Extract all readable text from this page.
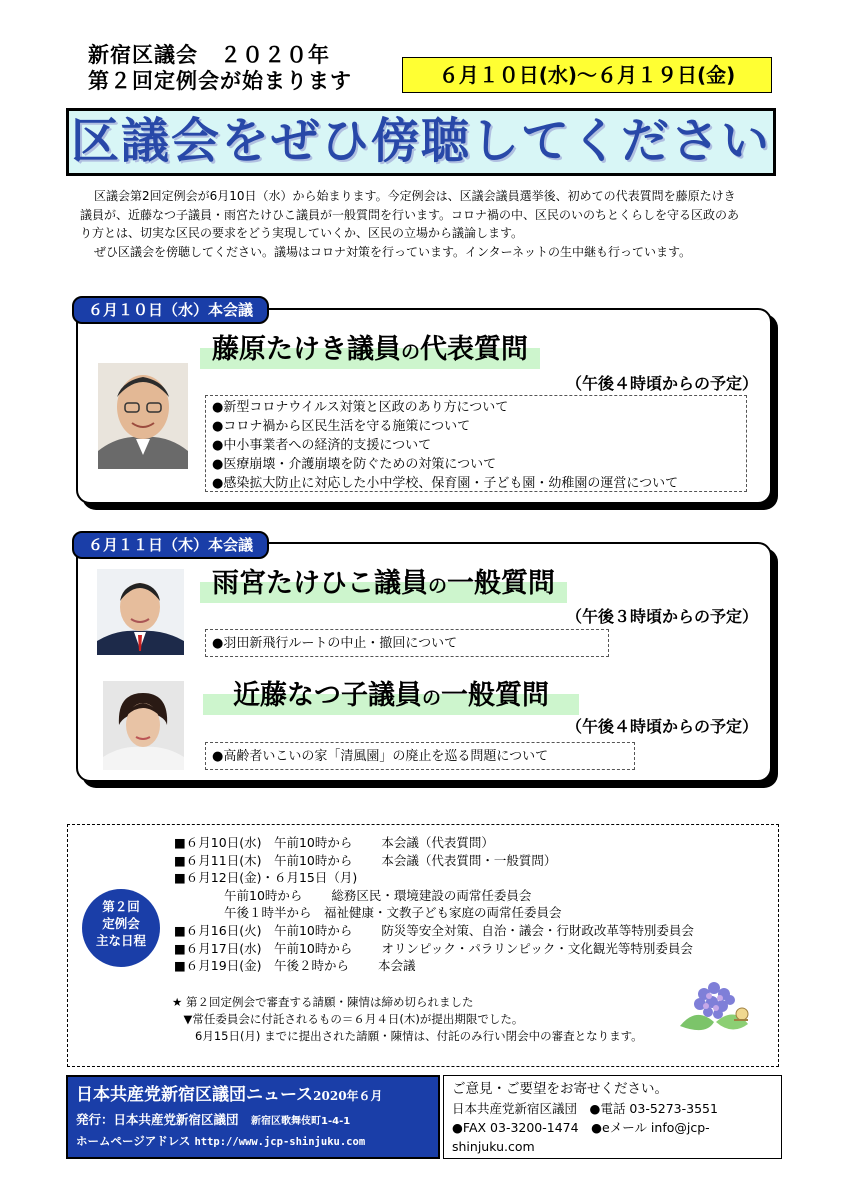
新宿区議会　２０２０年
第２回定例会が始まります	６月１０日(水)～６月１９日(金)
区議会をぜひ傍聴してください

区議会第2回定例会が6月10日（水）から始まります。今定例会は、区議会議員選挙後、初めての代表質問を藤原たけき

議員が、近藤なつ子議員・雨宮たけひこ議員が一般質問を行います。コロナ禍の中、区民のいのちとくらしを守る区政のあ

り方とは、切実な区民の要求をどう実現していくか、区民の立場から議論します。

ぜひ区議会を傍聴してください。議場はコロナ対策を行っています。インターネットの生中継も行っています。

６月１０日（水）本会議
藤原たけき議員の代表質問
（午後４時頃からの予定）
●新型コロナウイルス対策と区政のあり方について
●コロナ禍から区民生活を守る施策について
●中小事業者への経済的支援について
●医療崩壊・介護崩壊を防ぐための対策について
●感染拡大防止に対応した小中学校、保育園・子ども園・幼稚園の運営について
６月１１日（木）本会議
雨宮たけひこ議員の一般質問
（午後３時頃からの予定）
●羽田新飛行ルートの中止・撤回について
近藤なつ子議員の一般質問
（午後４時頃からの予定）
●高齢者いこいの家「清風園」の廃止を巡る問題について
第２回
定例会
主な日程
■６月10日(水)　午前10時から　　 本会議（代表質問）
■６月11日(木)　午前10時から　　 本会議（代表質問・一般質問）
■６月12日(金)・６月15日（月)
　　　　午前10時から　　 総務区民・環境建設の両常任委員会
　　　　午後１時半から　福祉健康・文教子ども家庭の両常任委員会
■６月16日(火)　午前10時から　　 防災等安全対策、自治・議会・行財政改革等特別委員会
■６月17日(水)　午前10時から　　 オリンピック・パラリンピック・文化観光等特別委員会
■６月19日(金)　午後２時から　　 本会議
★ 第２回定例会で審査する請願・陳情は締め切られました
　▼常任委員会に付託されるもの＝６月４日(木)が提出期限でした。
　　6月15日(月) までに提出された請願・陳情は、付託のみ行い閉会中の審査となります。
日本共産党新宿区議団ニュース2020年６月
発行：日本共産党新宿区議団　 新宿区歌舞伎町1-4-1
ホームページアドレス http://www.jcp-shinjuku.com
ご意見・ご要望をお寄せください。
日本共産党新宿区議団　 ●電話 03-5273-3551
●FAX 03-3200-1474　 ●eメール info@jcp-shinjuku.com
